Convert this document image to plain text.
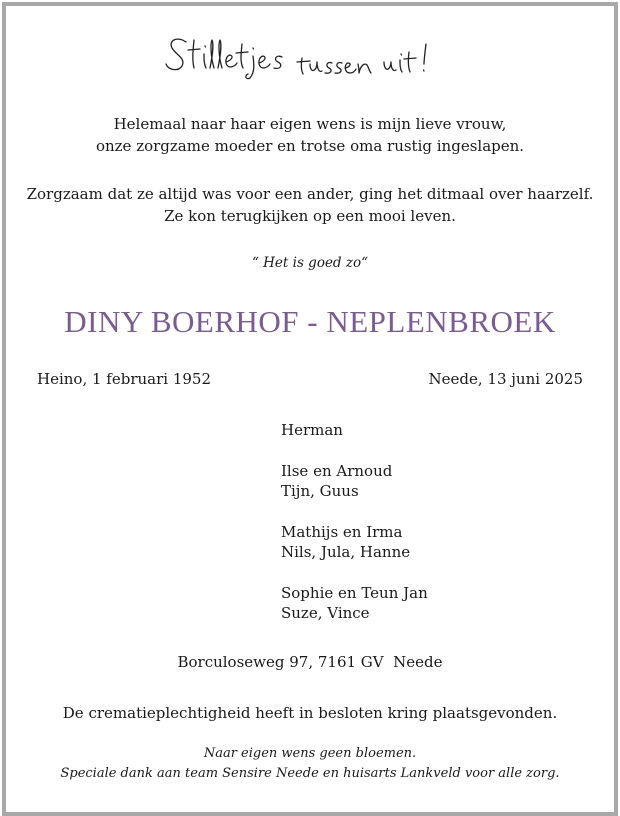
Helemaal naar haar eigen wens is mijn lieve vrouw,
onze zorgzame moeder en trotse oma rustig ingeslapen.
Zorgzaam dat ze altijd was voor een ander, ging het ditmaal over haarzelf.
Ze kon terugkijken op een mooi leven.
“ Het is goed zo“
DINY BOERHOF - NEPLENBROEK
Heino, 1 februari 1952	Neede, 13 juni 2025
Herman
Ilse en Arnoud
Tijn, Guus
Mathijs en Irma
Nils, Jula, Hanne
Sophie en Teun Jan
Suze, Vince
Borculoseweg 97, 7161 GV  Neede
De crematieplechtigheid heeft in besloten kring plaatsgevonden.
Naar eigen wens geen bloemen.
Speciale dank aan team Sensire Neede en huisarts Lankveld voor alle zorg.
